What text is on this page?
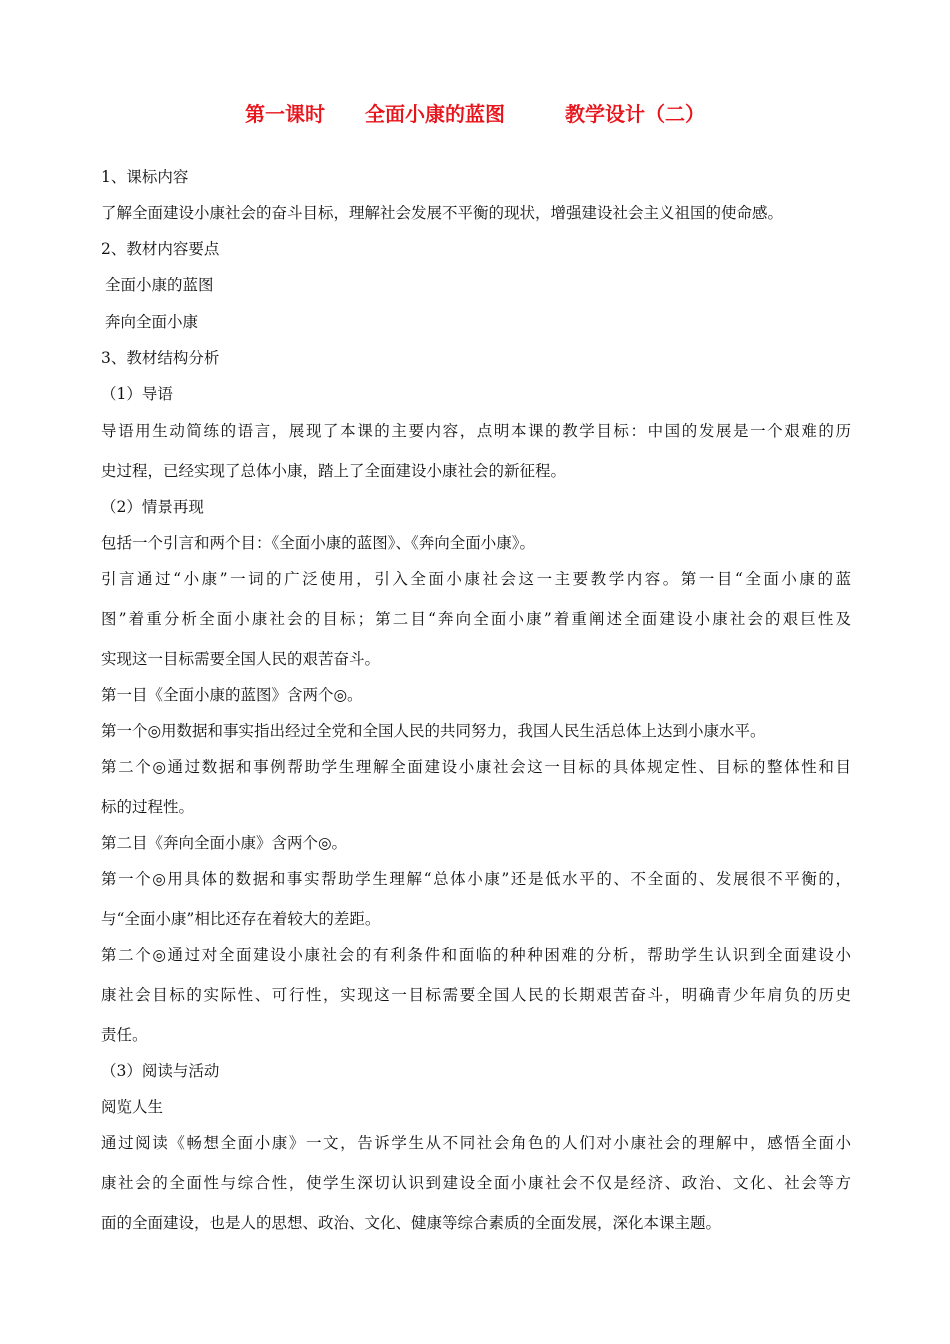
第一课时　　全面小康的蓝图　　　教学设计（二）
1、课标内容
了解全面建设小康社会的奋斗目标，理解社会发展不平衡的现状，增强建设社会主义祖国的使命感。
2、教材内容要点
全面小康的蓝图
奔向全面小康
3、教材结构分析
（1）导语
导语用生动简练的语言，展现了本课的主要内容，点明本课的教学目标：中国的发展是一个艰难的历
史过程，已经实现了总体小康，踏上了全面建设小康社会的新征程。
（2）情景再现
包括一个引言和两个目：《全面小康的蓝图》、《奔向全面小康》。
引言通过“小康”一词的广泛使用，引入全面小康社会这一主要教学内容。第一目“全面小康的蓝
图”着重分析全面小康社会的目标；第二目“奔向全面小康”着重阐述全面建设小康社会的艰巨性及
实现这一目标需要全国人民的艰苦奋斗。
第一目《全面小康的蓝图》含两个◎。
第一个◎用数据和事实指出经过全党和全国人民的共同努力，我国人民生活总体上达到小康水平。
第二个◎通过数据和事例帮助学生理解全面建设小康社会这一目标的具体规定性、目标的整体性和目
标的过程性。
第二目《奔向全面小康》含两个◎。
第一个◎用具体的数据和事实帮助学生理解“总体小康”还是低水平的、不全面的、发展很不平衡的，
与“全面小康”相比还存在着较大的差距。
第二个◎通过对全面建设小康社会的有利条件和面临的种种困难的分析，帮助学生认识到全面建设小
康社会目标的实际性、可行性，实现这一目标需要全国人民的长期艰苦奋斗，明确青少年肩负的历史
责任。
（3）阅读与活动
阅览人生
通过阅读《畅想全面小康》一文，告诉学生从不同社会角色的人们对小康社会的理解中，感悟全面小
康社会的全面性与综合性，使学生深切认识到建设全面小康社会不仅是经济、政治、文化、社会等方
面的全面建设，也是人的思想、政治、文化、健康等综合素质的全面发展，深化本课主题。
